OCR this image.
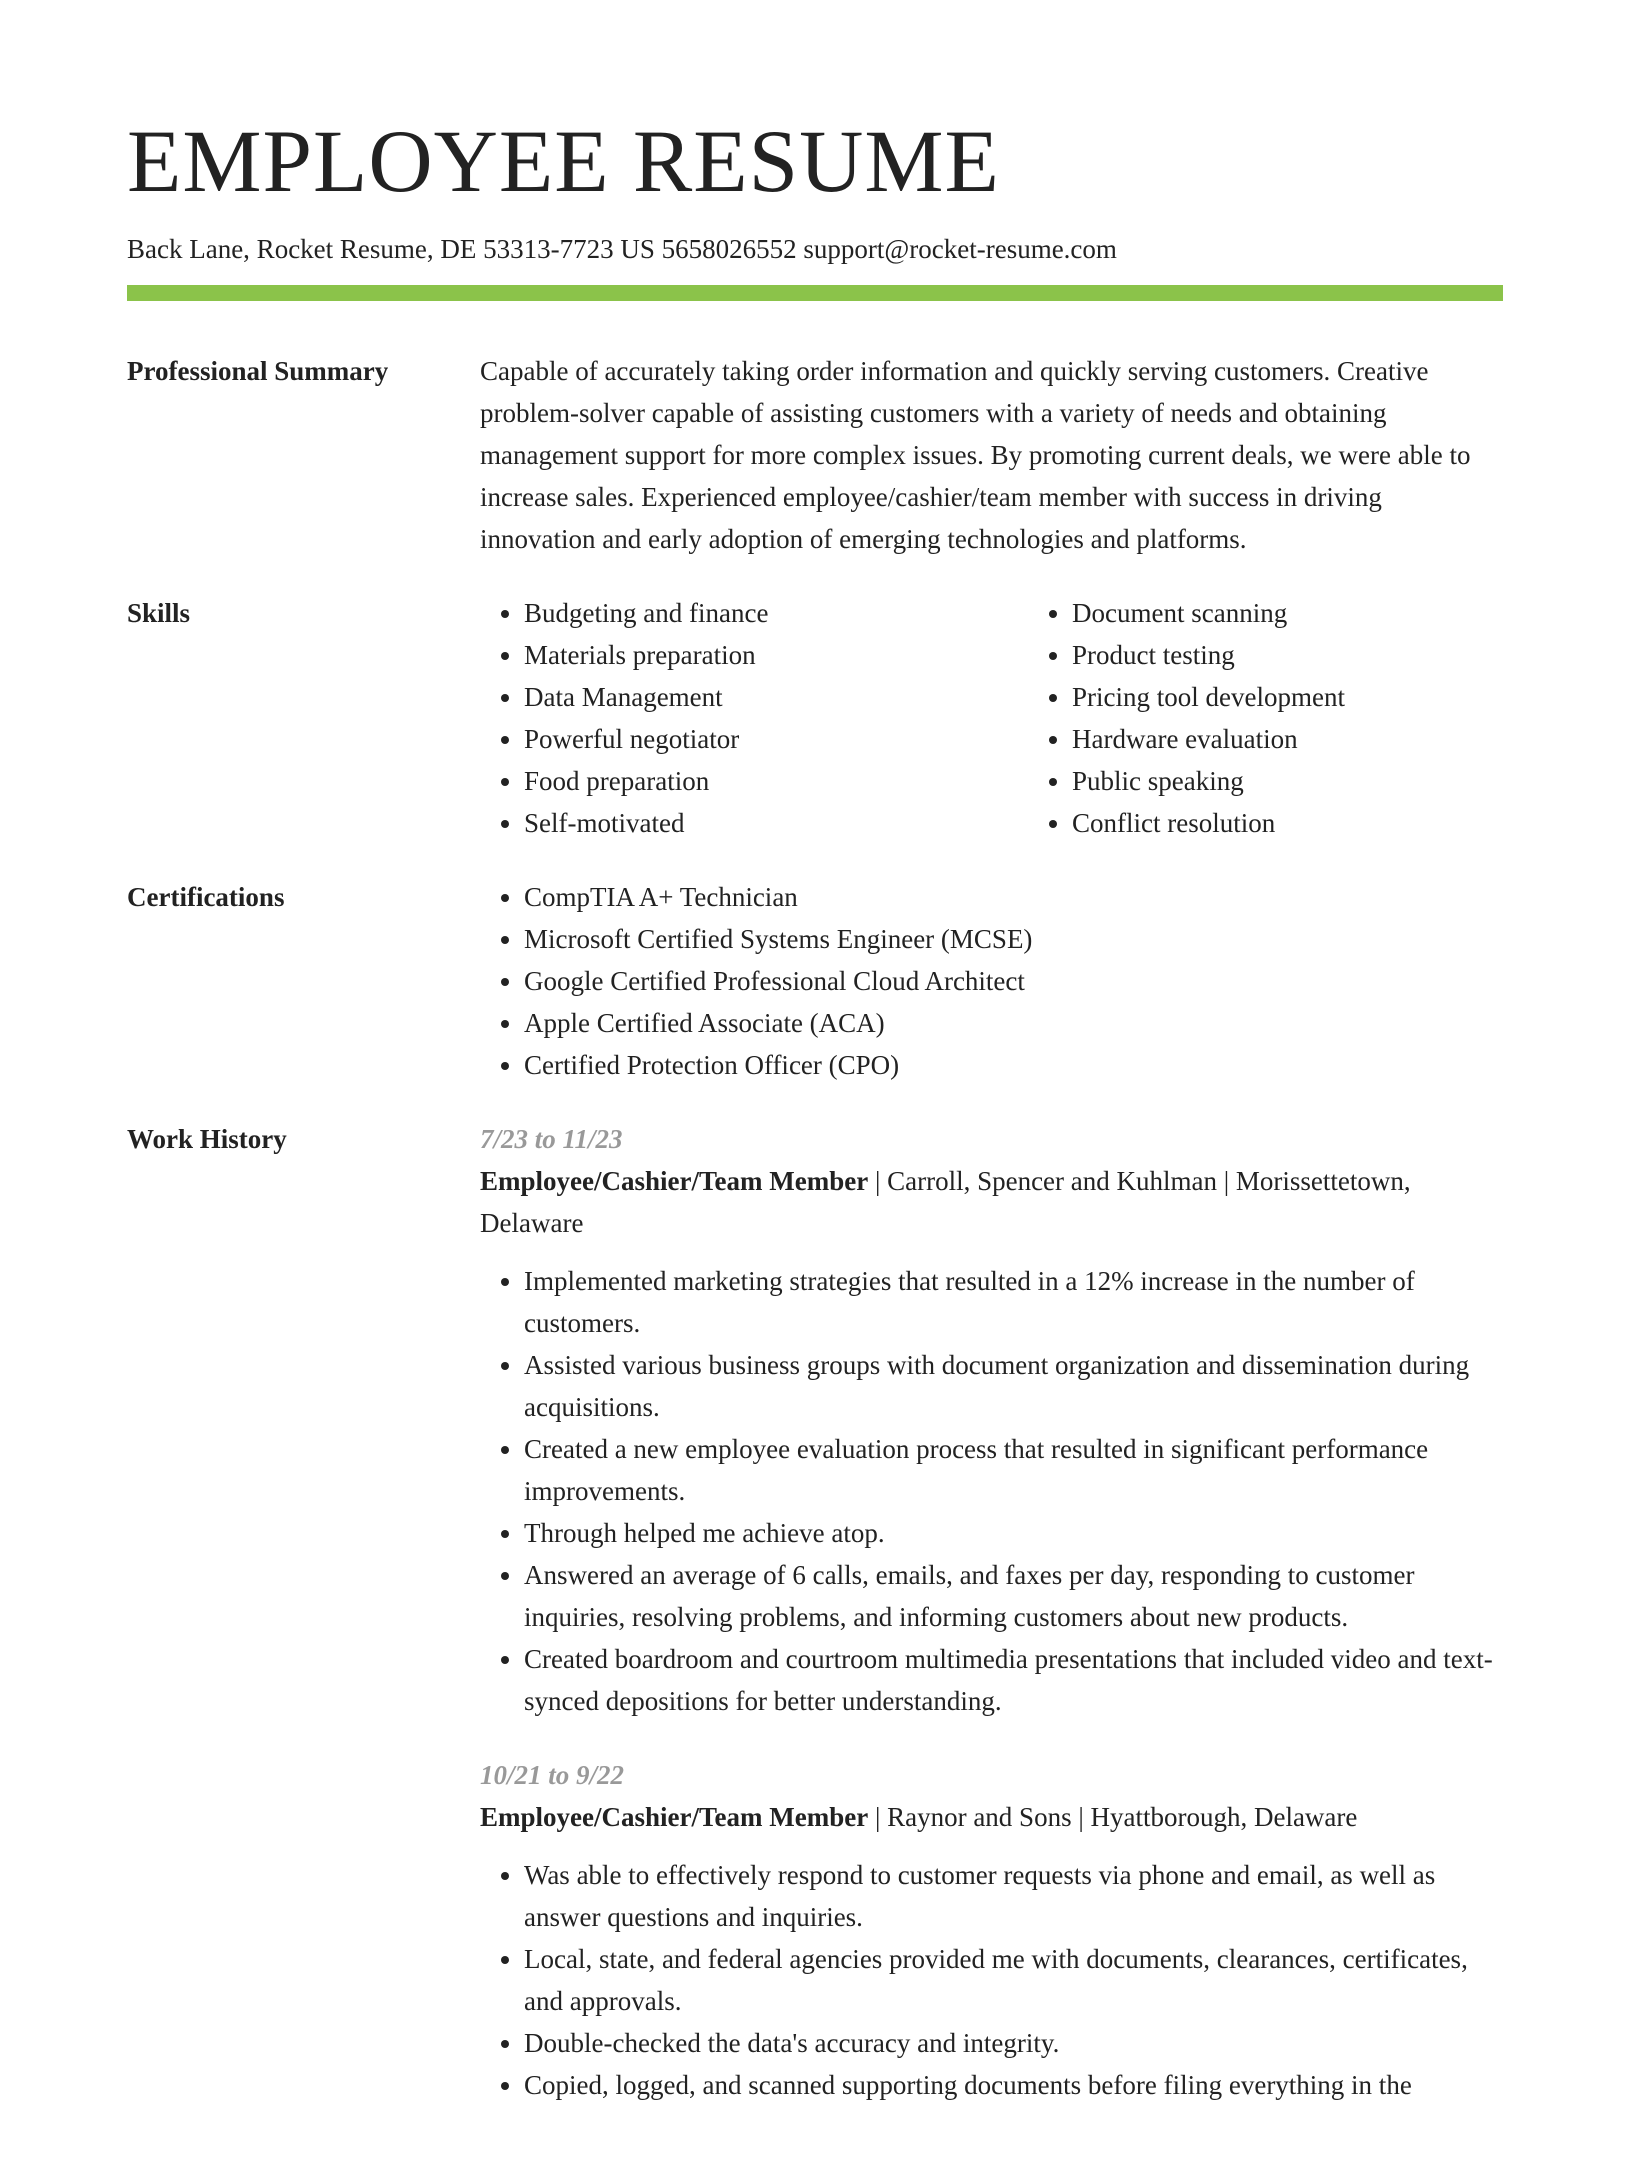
EMPLOYEE RESUME
Back Lane, Rocket Resume, DE 53313-7723 US 5658026552 support@rocket-resume.com
Professional Summary	Capable of accurately taking order information and quickly serving customers. Creative problem-solver capable of assisting customers with a variety of needs and obtaining management support for more complex issues. By promoting current deals, we were able to increase sales. Experienced employee/cashier/team member with success in driving innovation and early adoption of emerging technologies and platforms.

Skills	• Budgeting and finance
• Materials preparation
• Data Management
• Powerful negotiator
• Food preparation
• Self-motivated
• Document scanning
• Product testing
• Pricing tool development
• Hardware evaluation
• Public speaking
• Conflict resolution
Certifications	• CompTIA A+ Technician
• Microsoft Certified Systems Engineer (MCSE)
• Google Certified Professional Cloud Architect
• Apple Certified Associate (ACA)
• Certified Protection Officer (CPO)
Work History	7/23 to 11/23
Employee/Cashier/Team Member | Carroll, Spencer and Kuhlman | Morissettetown, Delaware
• Implemented marketing strategies that resulted in a 12% increase in the number of customers.
• Assisted various business groups with document organization and dissemination during acquisitions.
• Created a new employee evaluation process that resulted in significant performance improvements.
• Through helped me achieve atop.
• Answered an average of 6 calls, emails, and faxes per day, responding to customer inquiries, resolving problems, and informing customers about new products.
• Created boardroom and courtroom multimedia presentations that included video and text-synced depositions for better understanding.
10/21 to 9/22
Employee/Cashier/Team Member | Raynor and Sons | Hyattborough, Delaware
• Was able to effectively respond to customer requests via phone and email, as well as answer questions and inquiries.
• Local, state, and federal agencies provided me with documents, clearances, certificates, and approvals.
• Double-checked the data's accuracy and integrity.
• Copied, logged, and scanned supporting documents before filing everything in the
